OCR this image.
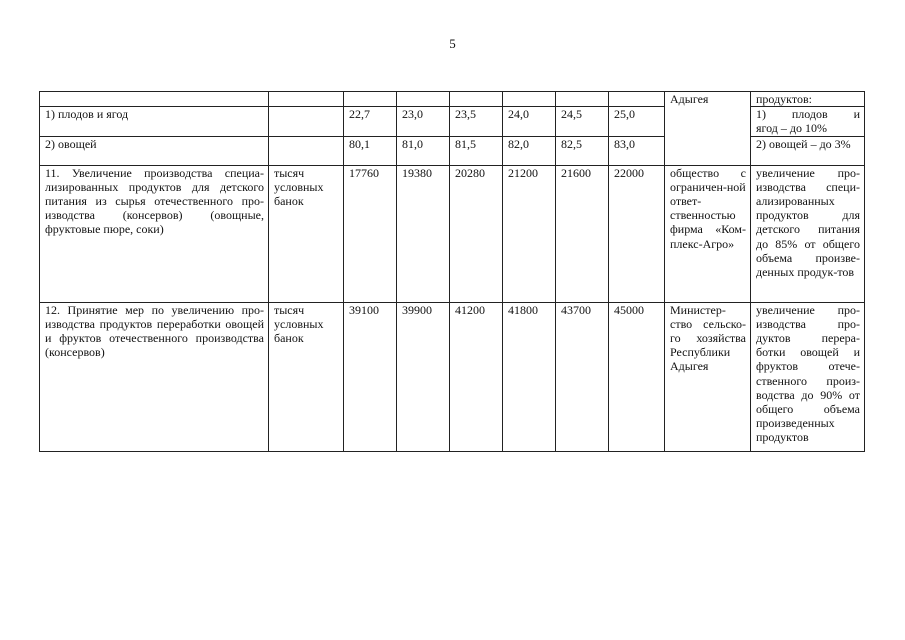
5
								Адыгея	продуктов:
1) плодов и ягод		22,7	23,0	23,5	24,0	24,5	25,0		1)        плодов        и ягод – до 10%
2) овощей		80,1	81,0	81,5	82,0	82,5	83,0		2) овощей – до 3%
11. Увеличение производства специа-лизированных продуктов для детского питания из сырья отечественного про-изводства (консервов) (овощные, фруктовые пюре, соки)	тысяч условных банок	17760	19380	20280	21200	21600	22000	общество с ограничен-ной ответ-ственностью фирма «Ком-плекс-Агро»	увеличение про-изводства специ-ализированных продуктов для детского питания до 85% от общего объема произве-денных продук-тов
12. Принятие мер по увеличению про-изводства продуктов переработки овощей и фруктов отечественного производства (консервов)	тысяч условных банок	39100	39900	41200	41800	43700	45000	Министер-ство сельско-го хозяйства Республики Адыгея	увеличение про-изводства про-дуктов перера-ботки овощей и фруктов отече-ственного произ-водства до 90% от общего объема произведенных продуктов
